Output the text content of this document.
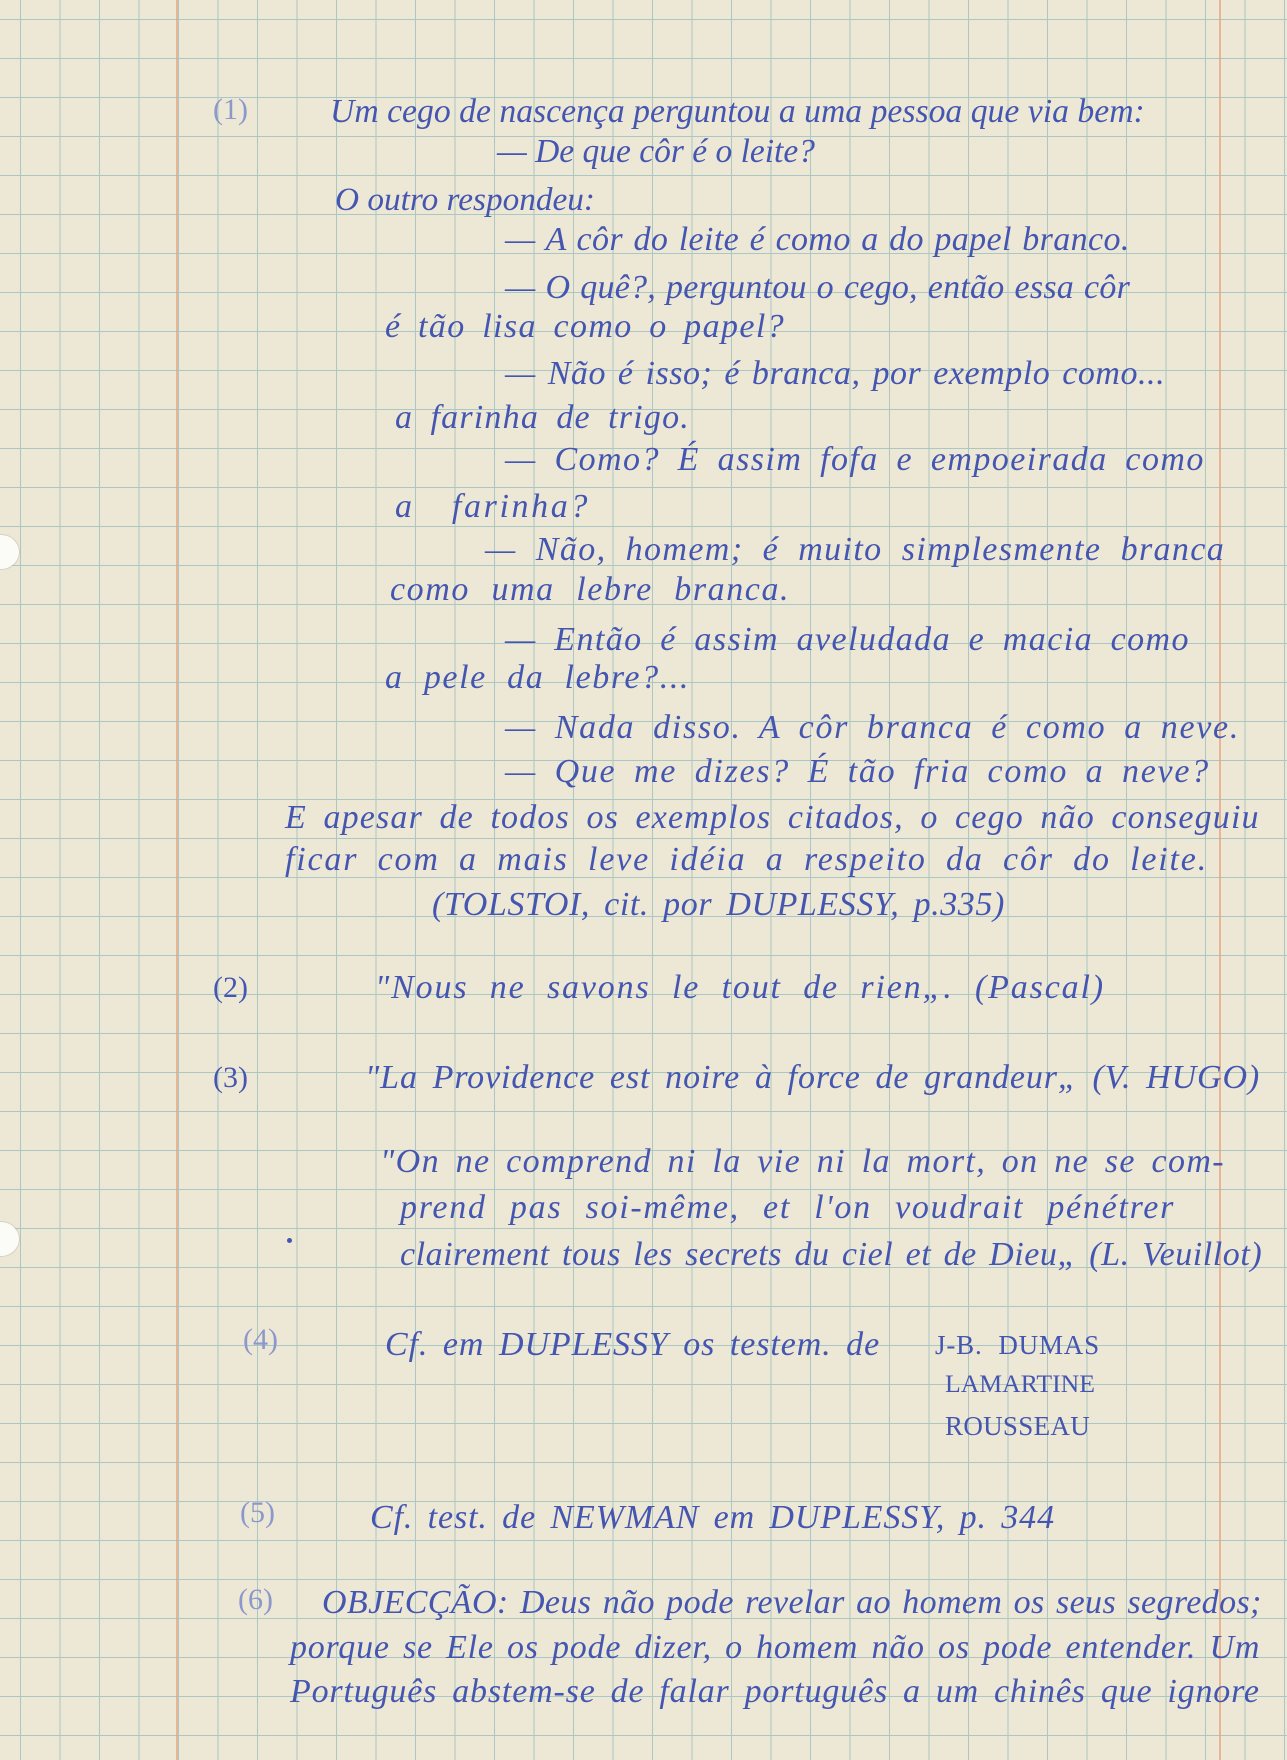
(1) Um cego de nascença perguntou a uma pessoa que via bem:
— De que côr é o leite?
O outro respondeu:
— A côr do leite é como a do papel branco.
— O quê?, perguntou o cego, então essa côr
é tão lisa como o papel?
— Não é isso; é branca, por exemplo como...
a farinha de trigo.
— Como? É assim fofa e empoeirada como
a farinha?
— Não, homem; é muito simplesmente branca
como uma lebre branca.
— Então é assim aveludada e macia como
a pele da lebre?...
— Nada disso. A côr branca é como a neve.
— Que me dizes? É tão fria como a neve?
E apesar de todos os exemplos citados, o cego não conseguiu
ficar com a mais leve idéia a respeito da côr do leite.
(TOLSTOI, cit. por DUPLESSY, p.335)
(2)	"Nous ne savons le tout de rien„. (Pascal)
(3)	"La Providence est noire à force de grandeur„ (V. HUGO)
"On ne comprend ni la vie ni la mort, on ne se com-
prend pas soi-même, et l'on voudrait pénétrer
clairement tous les secrets du ciel et de Dieu„ (L. Veuillot)
(4)	Cf. em DUPLESSY os testem. de J-B. DUMAS
LAMARTINE
ROUSSEAU
(5)	Cf. test. de NEWMAN em DUPLESSY, p. 344
(6) OBJECÇÃO: Deus não pode revelar ao homem os seus segredos;
porque se Ele os pode dizer, o homem não os pode entender. Um
Português abstem-se de falar português a um chinês que ignore
